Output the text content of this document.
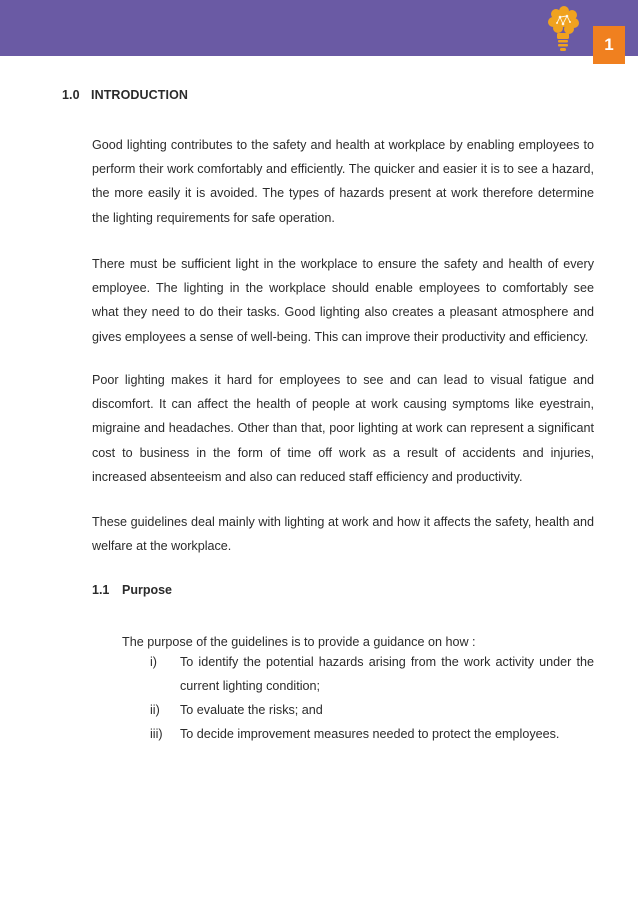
1
1.0 INTRODUCTION

Good lighting contributes to the safety and health at workplace by enabling employees to perform their work comfortably and efficiently. The quicker and easier it is to see a hazard, the more easily it is avoided. The types of hazards present at work therefore determine the lighting requirements for safe operation.

There must be sufficient light in the workplace to ensure the safety and health of every employee. The lighting in the workplace should enable employees to comfortably see what they need to do their tasks. Good lighting also creates a pleasant atmosphere and gives employees a sense of well-being. This can improve their productivity and efficiency.

Poor lighting makes it hard for employees to see and can lead to visual fatigue and discomfort. It can affect the health of people at work causing symptoms like eyestrain, migraine and headaches. Other than that, poor lighting at work can represent a significant cost to business in the form of time off work as a result of accidents and injuries, increased absenteeism and also can reduced staff efficiency and productivity.

These guidelines deal mainly with lighting at work and how it affects the safety, health and welfare at the workplace.

1.1 Purpose

The purpose of the guidelines is to provide a guidance on how :

i)	To identify the potential hazards arising from the work activity under the current lighting condition;
ii)	To evaluate the risks; and
iii)	To decide improvement measures needed to protect the employees.
